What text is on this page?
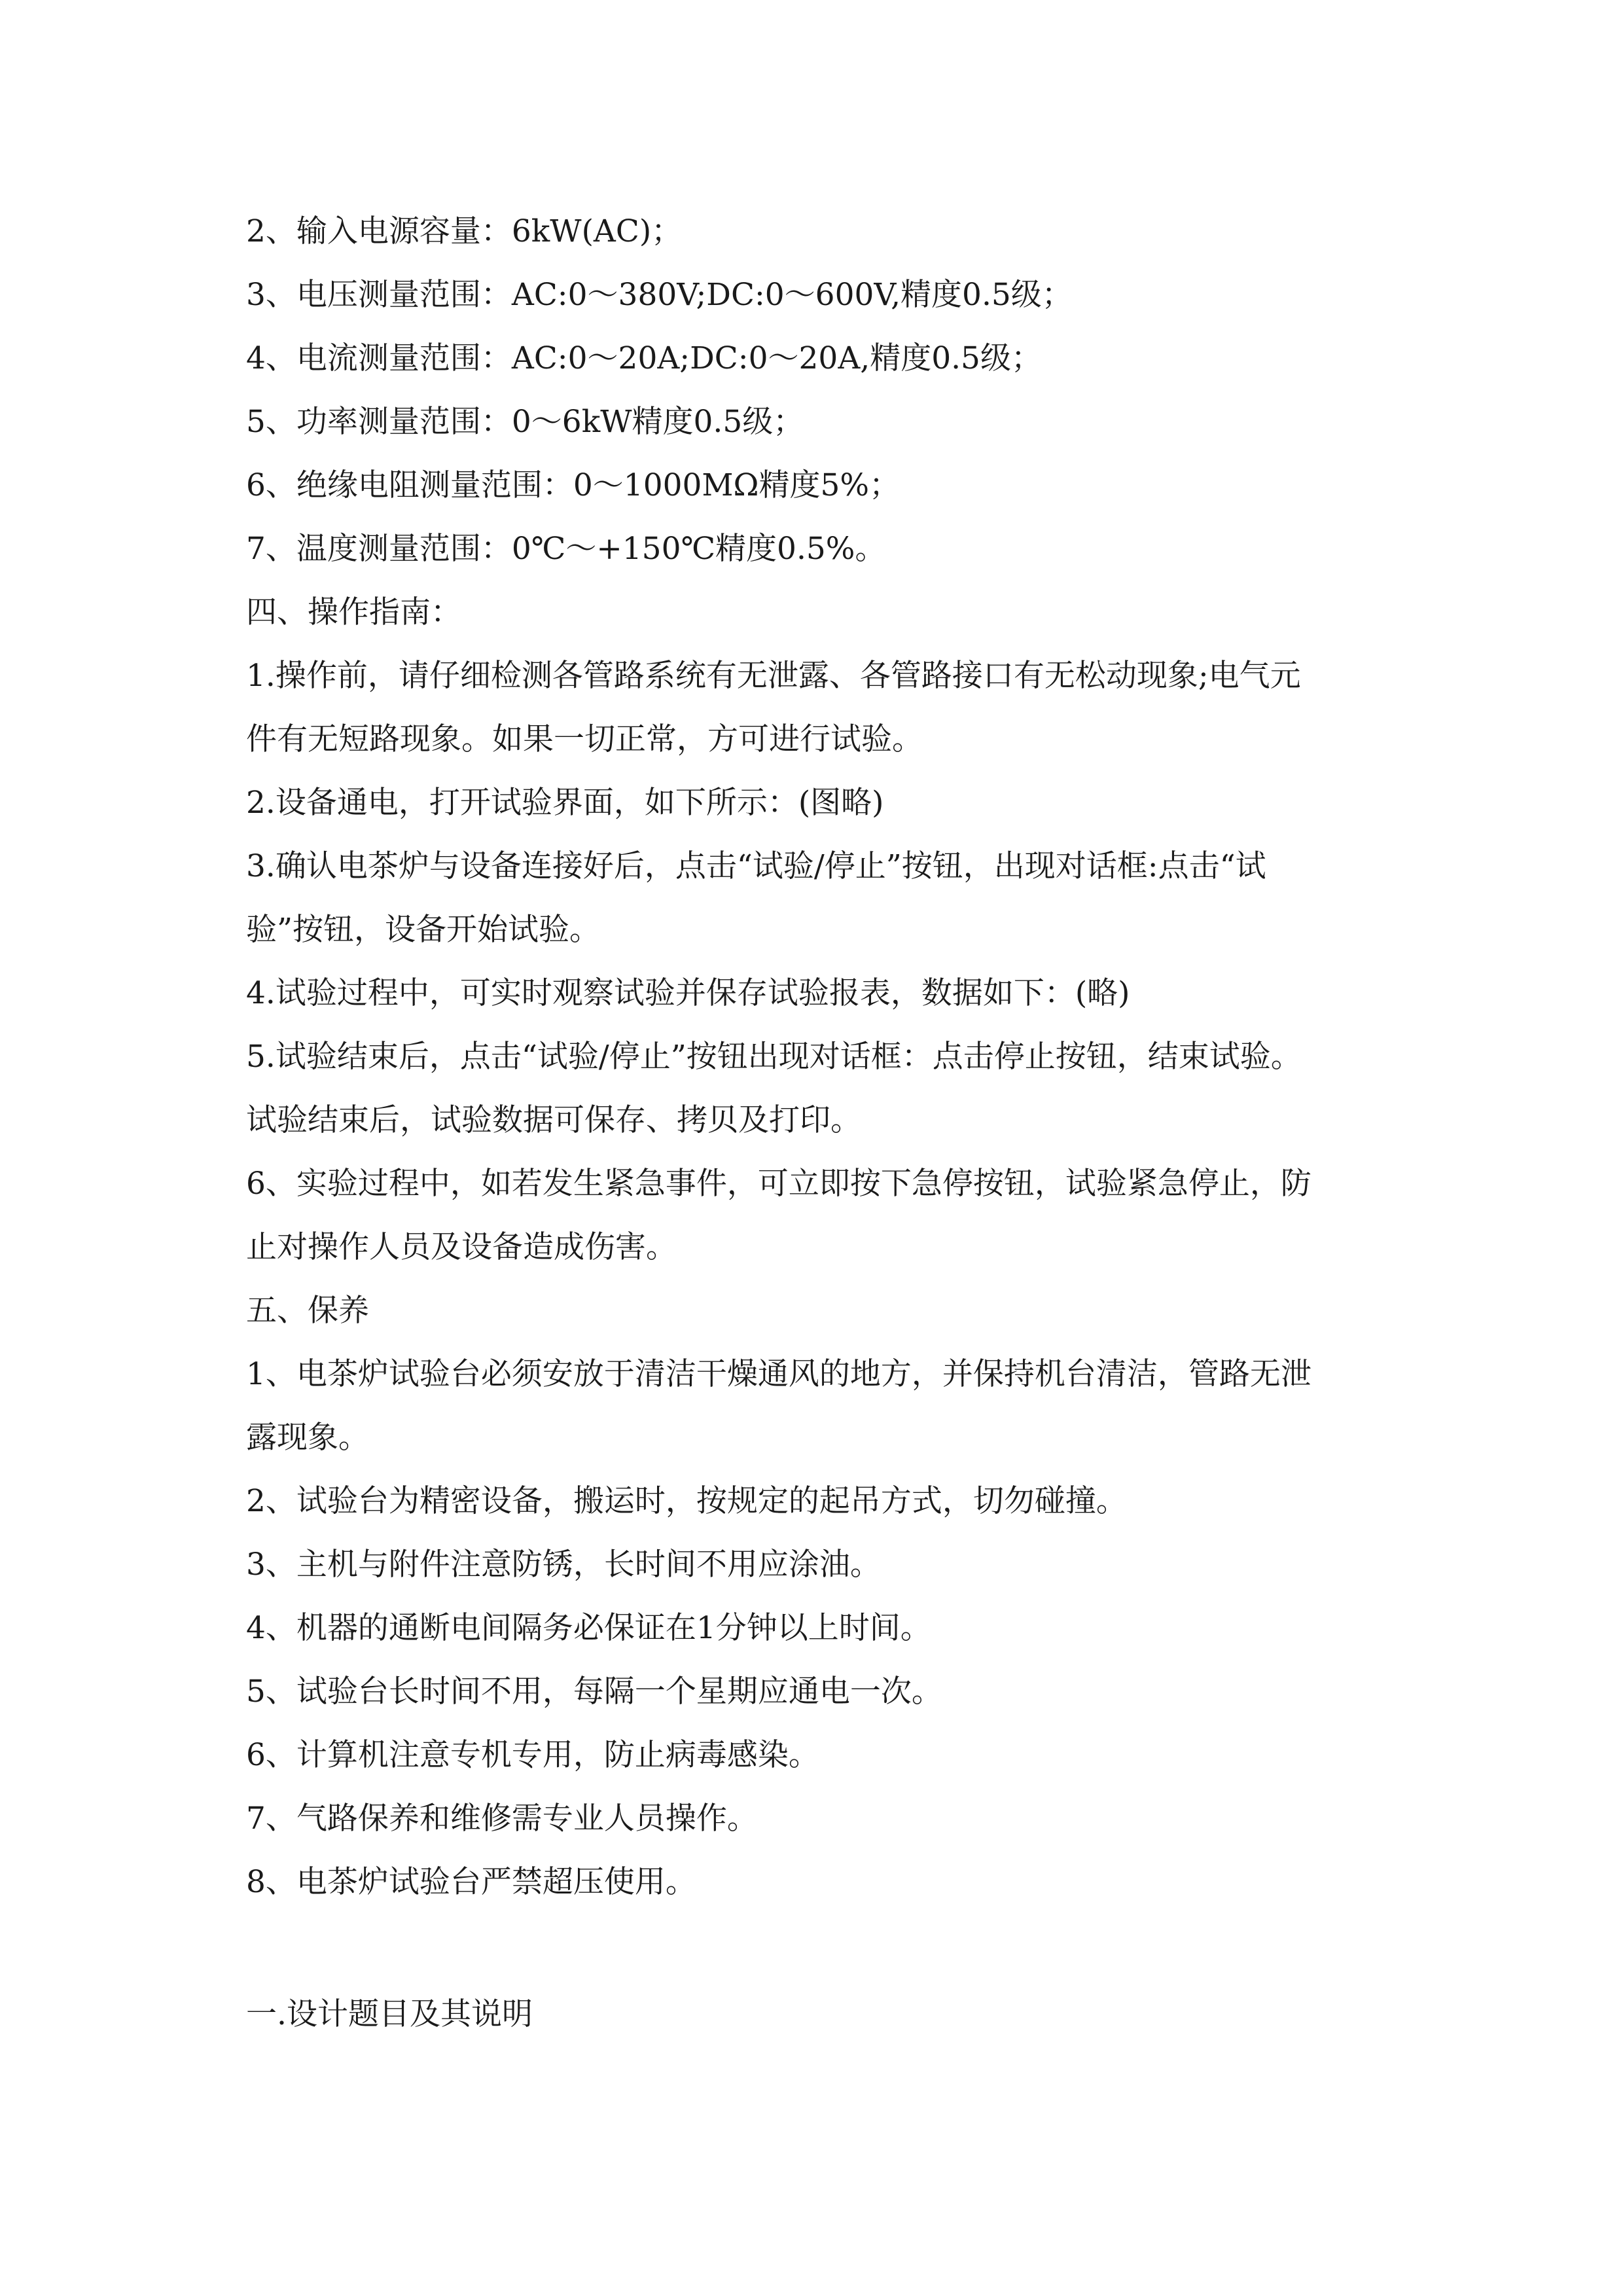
2、输入电源容量：6kW(AC)；

3、电压测量范围：AC:0～380V;DC:0～600V,精度0.5级；

4、电流测量范围：AC:0～20A;DC:0～20A,精度0.5级；

5、功率测量范围：0～6kW精度0.5级；

6、绝缘电阻测量范围：0～1000MΩ精度5%；

7、温度测量范围：0℃～+150℃精度0.5%。

四、操作指南：

1.操作前，请仔细检测各管路系统有无泄露、各管路接口有无松动现象;电气元

件有无短路现象。如果一切正常，方可进行试验。

2.设备通电，打开试验界面，如下所示：(图略)

3.确认电茶炉与设备连接好后，点击“试验/停止”按钮，出现对话框:点击“试

验”按钮，设备开始试验。

4.试验过程中，可实时观察试验并保存试验报表，数据如下：(略)

5.试验结束后，点击“试验/停止”按钮出现对话框：点击停止按钮，结束试验。

试验结束后，试验数据可保存、拷贝及打印。

6、实验过程中，如若发生紧急事件，可立即按下急停按钮，试验紧急停止，防

止对操作人员及设备造成伤害。

五、保养

1、电茶炉试验台必须安放于清洁干燥通风的地方，并保持机台清洁，管路无泄

露现象。

2、试验台为精密设备，搬运时，按规定的起吊方式，切勿碰撞。

3、主机与附件注意防锈，长时间不用应涂油。

4、机器的通断电间隔务必保证在1分钟以上时间。

5、试验台长时间不用，每隔一个星期应通电一次。

6、计算机注意专机专用，防止病毒感染。

7、气路保养和维修需专业人员操作。

8、电茶炉试验台严禁超压使用。

一.设计题目及其说明
